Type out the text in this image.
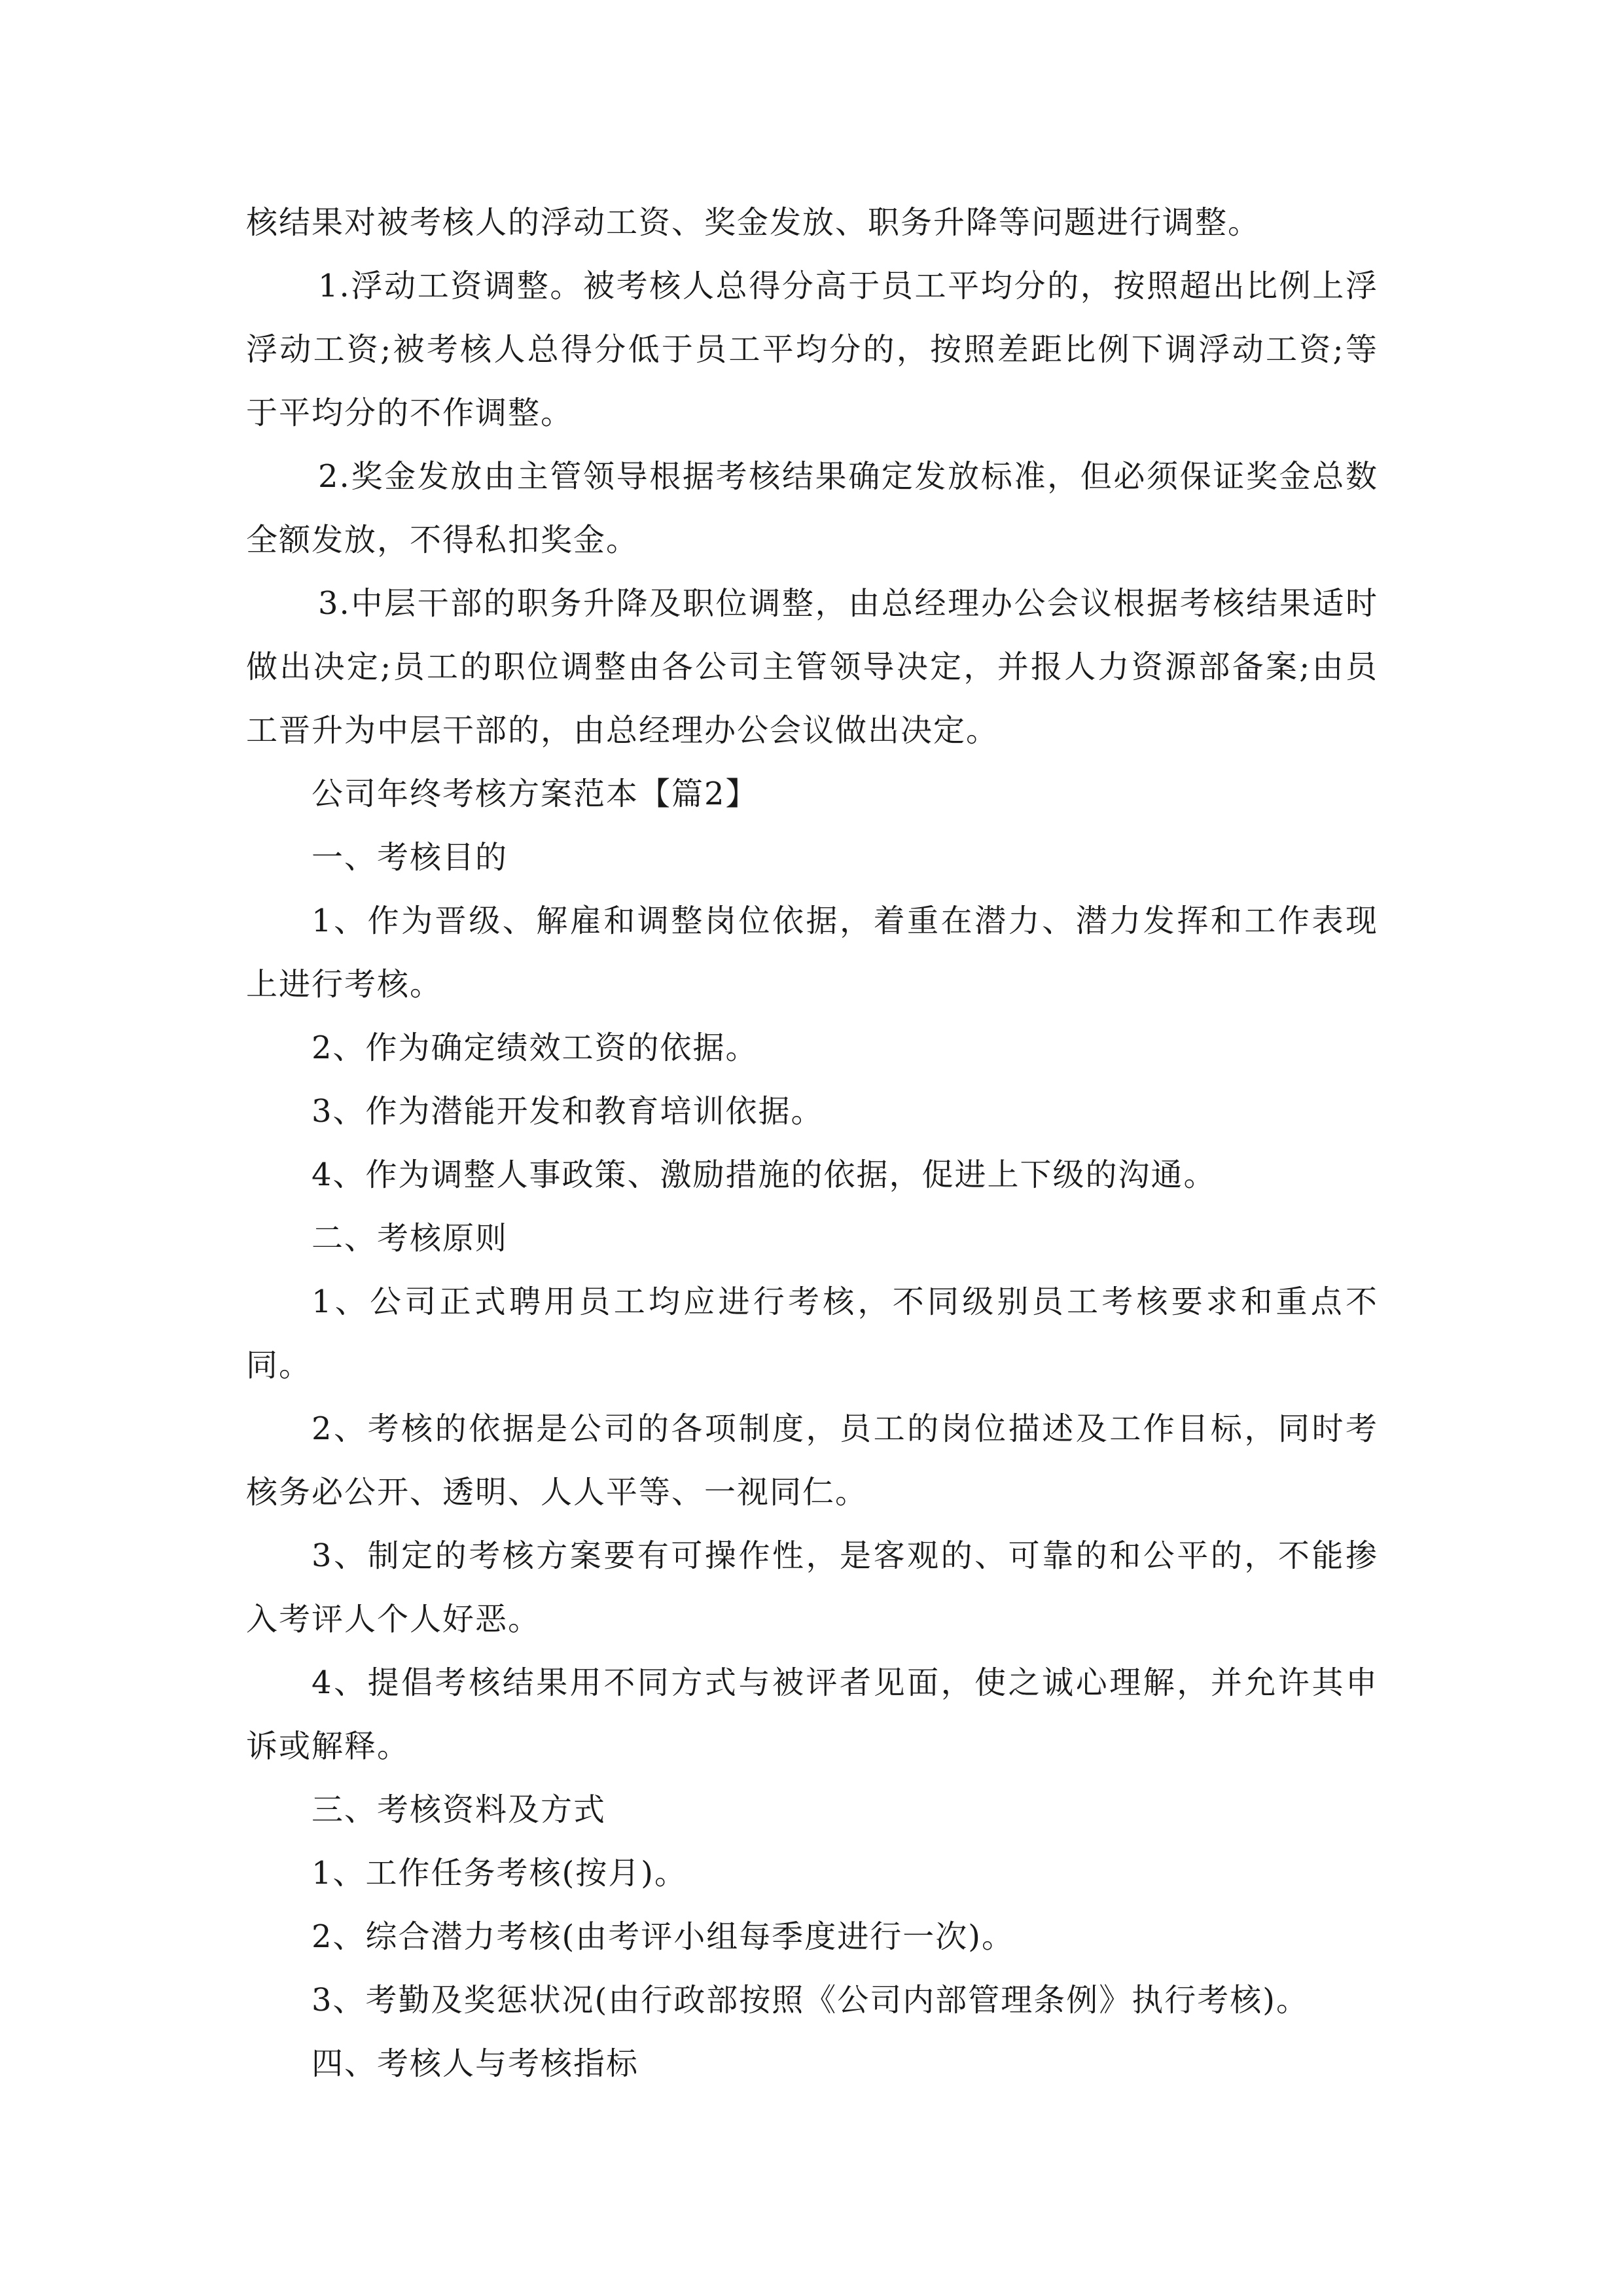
核结果对被考核人的浮动工资、奖金发放、职务升降等问题进行调整。

1.浮动工资调整。被考核人总得分高于员工平均分的，按照超出比例上浮浮动工资;被考核人总得分低于员工平均分的，按照差距比例下调浮动工资;等于平均分的不作调整。

2.奖金发放由主管领导根据考核结果确定发放标准，但必须保证奖金总数全额发放，不得私扣奖金。

3.中层干部的职务升降及职位调整，由总经理办公会议根据考核结果适时做出决定;员工的职位调整由各公司主管领导决定，并报人力资源部备案;由员工晋升为中层干部的，由总经理办公会议做出决定。

公司年终考核方案范本【篇2】

一、考核目的

1、作为晋级、解雇和调整岗位依据，着重在潜力、潜力发挥和工作表现上进行考核。

2、作为确定绩效工资的依据。

3、作为潜能开发和教育培训依据。

4、作为调整人事政策、激励措施的依据，促进上下级的沟通。

二、考核原则

1、公司正式聘用员工均应进行考核，不同级别员工考核要求和重点不同。

2、考核的依据是公司的各项制度，员工的岗位描述及工作目标，同时考核务必公开、透明、人人平等、一视同仁。

3、制定的考核方案要有可操作性，是客观的、可靠的和公平的，不能掺入考评人个人好恶。

4、提倡考核结果用不同方式与被评者见面，使之诚心理解，并允许其申诉或解释。

三、考核资料及方式

1、工作任务考核(按月)。

2、综合潜力考核(由考评小组每季度进行一次)。

3、考勤及奖惩状况(由行政部按照《公司内部管理条例》执行考核)。

四、考核人与考核指标
